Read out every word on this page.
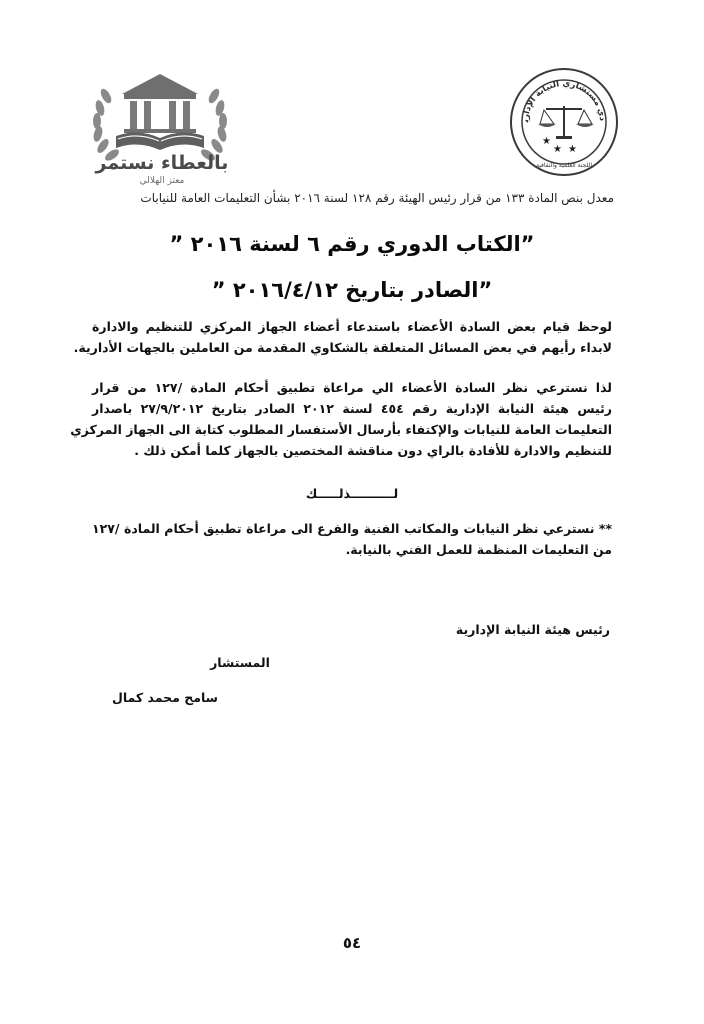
بالعطاء نستمر
معتز الهلالي
دي مستشاري النيابة الإدارية
★
★ ★
اللجنة العلمية والثقافية
معدل بنص المادة ١٣٣ من قرار رئيس الهيئة رقم ١٢٨ لسنة ٢٠١٦ بشأن التعليمات العامة للنيابات
”الكتاب الدوري رقم ٦ لسنة ٢٠١٦ ”
”الصادر بتاريخ ٢٠١٦/٤/١٢ ”
لوحظ قيام بعض السادة الأعضاء باستدعاء أعضاء الجهاز المركزي للتنظيم والادارة
لابداء رأيهم في بعض المسائل المتعلقة بالشكاوي المقدمة من العاملين بالجهات الأدارية.
لذا نسترعي نظر السادة الأعضاء الي مراعاة تطبيق أحكام المادة /١٢٧ من قرار
رئيس هيئة النيابة الإدارية رقم ٤٥٤ لسنة ٢٠١٢ الصادر بتاريخ ٢٧/٩/٢٠١٢ باصدار
التعليمات العامة للنيابات والإكتفاء بأرسال الأستفسار المطلوب كتابة الى الجهاز المركزي
للتنظيم والادارة للأفادة بالراي دون مناقشة المختصين بالجهاز كلما أمكن ذلك .
لــــــــــذلـــــك
** نسترعي نظر النيابات والمكاتب الفنية والفرع الى مراعاة تطبيق أحكام المادة /١٢٧
من التعليمات المنظمة للعمل الفني بالنيابة.
رئيس هيئة النيابة الإدارية
المستشار
سامح محمد كمال
٥٤
